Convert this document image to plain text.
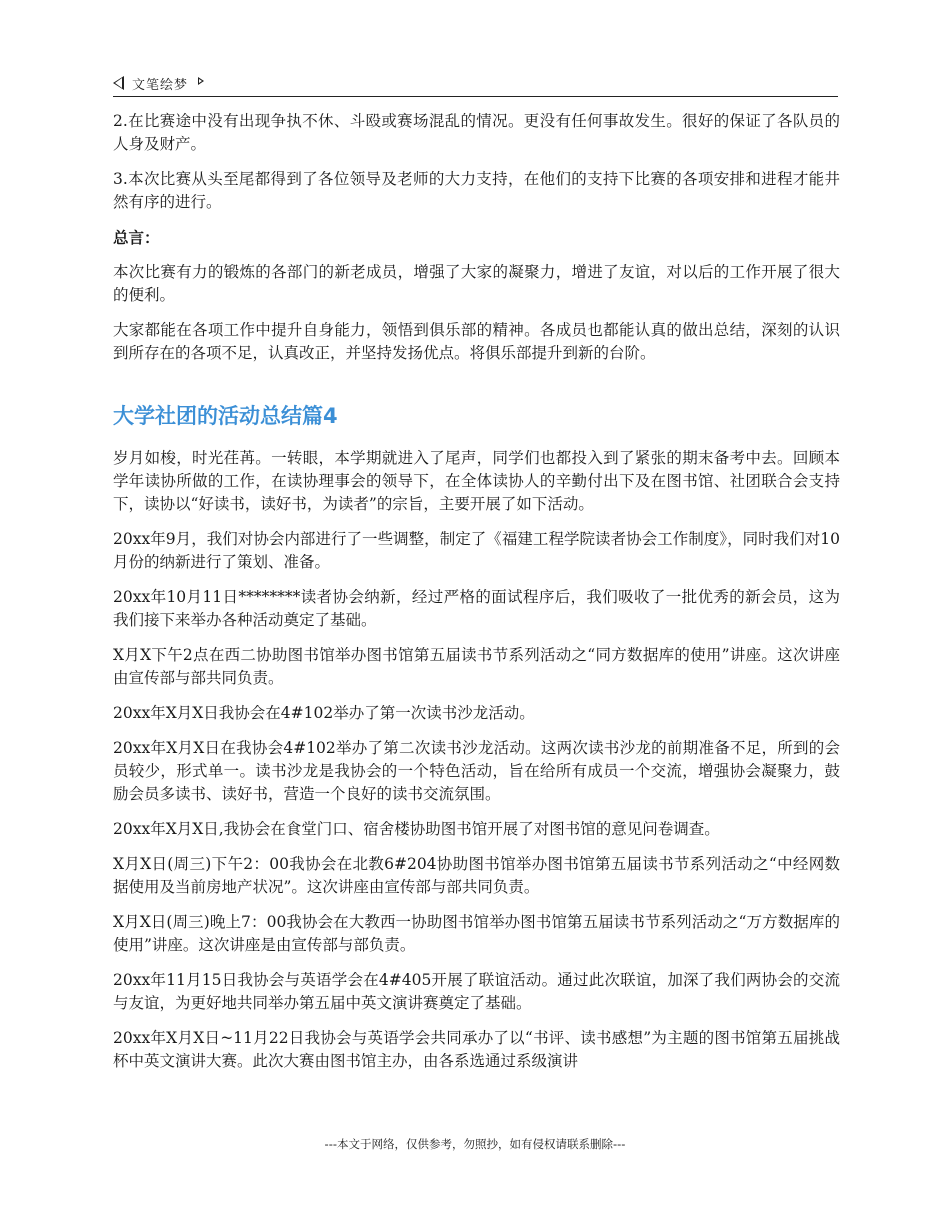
文笔绘梦

2.在比赛途中没有出现争执不休、斗殴或赛场混乱的情况。更没有任何事故发生。很好的保证了各队员的人身及财产。

3.本次比赛从头至尾都得到了各位领导及老师的大力支持，在他们的支持下比赛的各项安排和进程才能井然有序的进行。

总言：

本次比赛有力的锻炼的各部门的新老成员，增强了大家的凝聚力，增进了友谊，对以后的工作开展了很大的便利。

大家都能在各项工作中提升自身能力，领悟到俱乐部的精神。各成员也都能认真的做出总结，深刻的认识到所存在的各项不足，认真改正，并坚持发扬优点。将俱乐部提升到新的台阶。

大学社团的活动总结篇4

岁月如梭，时光荏苒。一转眼，本学期就进入了尾声，同学们也都投入到了紧张的期末备考中去。回顾本学年读协所做的工作，在读协理事会的领导下，在全体读协人的辛勤付出下及在图书馆、社团联合会支持下，读协以“好读书，读好书，为读者”的宗旨，主要开展了如下活动。

20xx年9月，我们对协会内部进行了一些调整，制定了《福建工程学院读者协会工作制度》，同时我们对10月份的纳新进行了策划、准备。

20xx年10月11日********读者协会纳新，经过严格的面试程序后，我们吸收了一批优秀的新会员，这为我们接下来举办各种活动奠定了基础。

X月X下午2点在西二协助图书馆举办图书馆第五届读书节系列活动之“同方数据库的使用”讲座。这次讲座由宣传部与部共同负责。

20xx年X月X日我协会在4#102举办了第一次读书沙龙活动。

20xx年X月X日在我协会4#102举办了第二次读书沙龙活动。这两次读书沙龙的前期准备不足，所到的会员较少，形式单一。读书沙龙是我协会的一个特色活动，旨在给所有成员一个交流，增强协会凝聚力，鼓励会员多读书、读好书，营造一个良好的读书交流氛围。

20xx年X月X日,我协会在食堂门口、宿舍楼协助图书馆开展了对图书馆的意见问卷调查。

X月X日(周三)下午2：00我协会在北教6#204协助图书馆举办图书馆第五届读书节系列活动之“中经网数据使用及当前房地产状况”。这次讲座由宣传部与部共同负责。

X月X日(周三)晚上7：00我协会在大教西一协助图书馆举办图书馆第五届读书节系列活动之“万方数据库的使用”讲座。这次讲座是由宣传部与部负责。

20xx年11月15日我协会与英语学会在4#405开展了联谊活动。通过此次联谊，加深了我们两协会的交流与友谊，为更好地共同举办第五届中英文演讲赛奠定了基础。

20xx年X月X日~11月22日我协会与英语学会共同承办了以“书评、读书感想”为主题的图书馆第五届挑战杯中英文演讲大赛。此次大赛由图书馆主办，由各系选通过系级演讲

---本文于网络，仅供参考，勿照抄，如有侵权请联系删除---
